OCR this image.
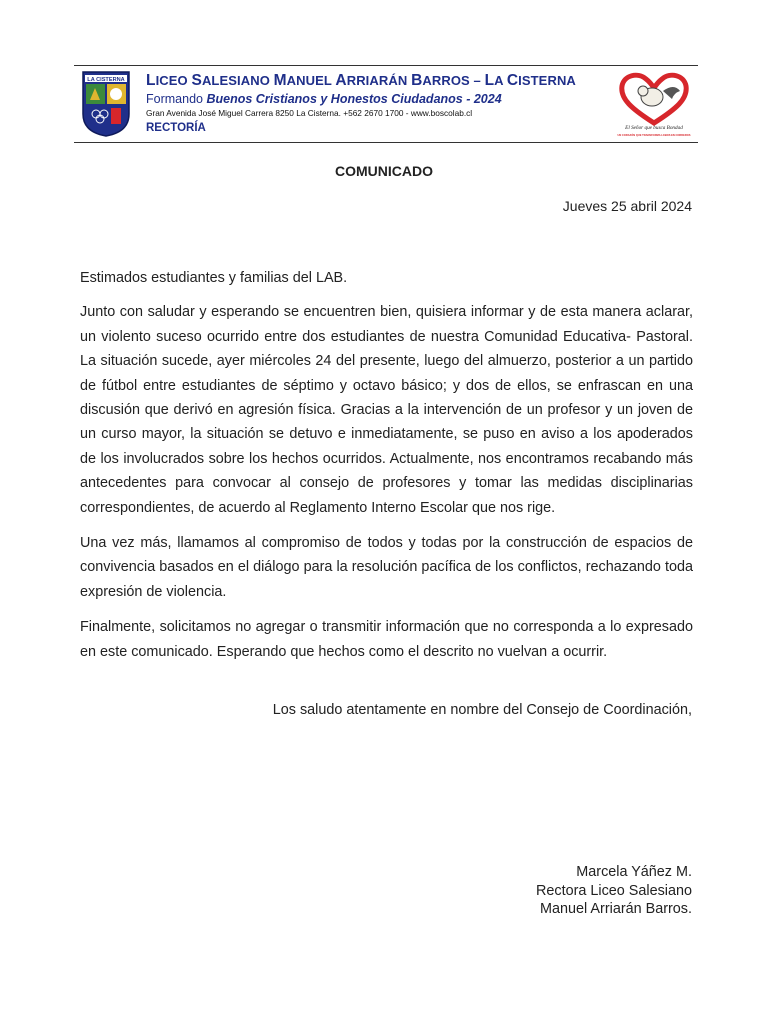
LA CISTERNA LICEO SALESIANO MANUEL ARRIARÁN BARROS – LA CISTERNA
Formando Buenos Cristianos y Honestos Ciudadanos - 2024
Gran Avenida José Miguel Carrera 8250 La Cisterna. +562 2670 1700 - www.boscolab.cl
RECTORÍA	El Señor que busca Bondad
UN CORAZÓN QUE TRANSFORMA LOBOS EN CORDEROS
COMUNICADO
Jueves 25 abril 2024

Estimados estudiantes y familias del LAB.

Junto con saludar y esperando se encuentren bien, quisiera informar y de esta manera aclarar, un violento suceso ocurrido entre dos estudiantes de nuestra Comunidad Educativa- Pastoral. La situación sucede, ayer miércoles 24 del presente, luego del almuerzo, posterior a un partido de fútbol entre estudiantes de séptimo y octavo básico; y dos de ellos, se enfrascan en una discusión que derivó en agresión física. Gracias a la intervención de un profesor y un joven de un curso mayor, la situación se detuvo e inmediatamente, se puso en aviso a los apoderados de los involucrados sobre los hechos ocurridos. Actualmente, nos encontramos recabando más antecedentes para convocar al consejo de profesores y tomar las medidas disciplinarias correspondientes, de acuerdo al Reglamento Interno Escolar que nos rige.

Una vez más, llamamos al compromiso de todos y todas por la construcción de espacios de convivencia basados en el diálogo para la resolución pacífica de los conflictos, rechazando toda expresión de violencia.

Finalmente, solicitamos no agregar o transmitir información que no corresponda a lo expresado en este comunicado. Esperando que hechos como el descrito no vuelvan a ocurrir.

Los saludo atentamente en nombre del Consejo de Coordinación,
Marcela Yáñez M.
Rectora Liceo Salesiano
Manuel Arriarán Barros.
